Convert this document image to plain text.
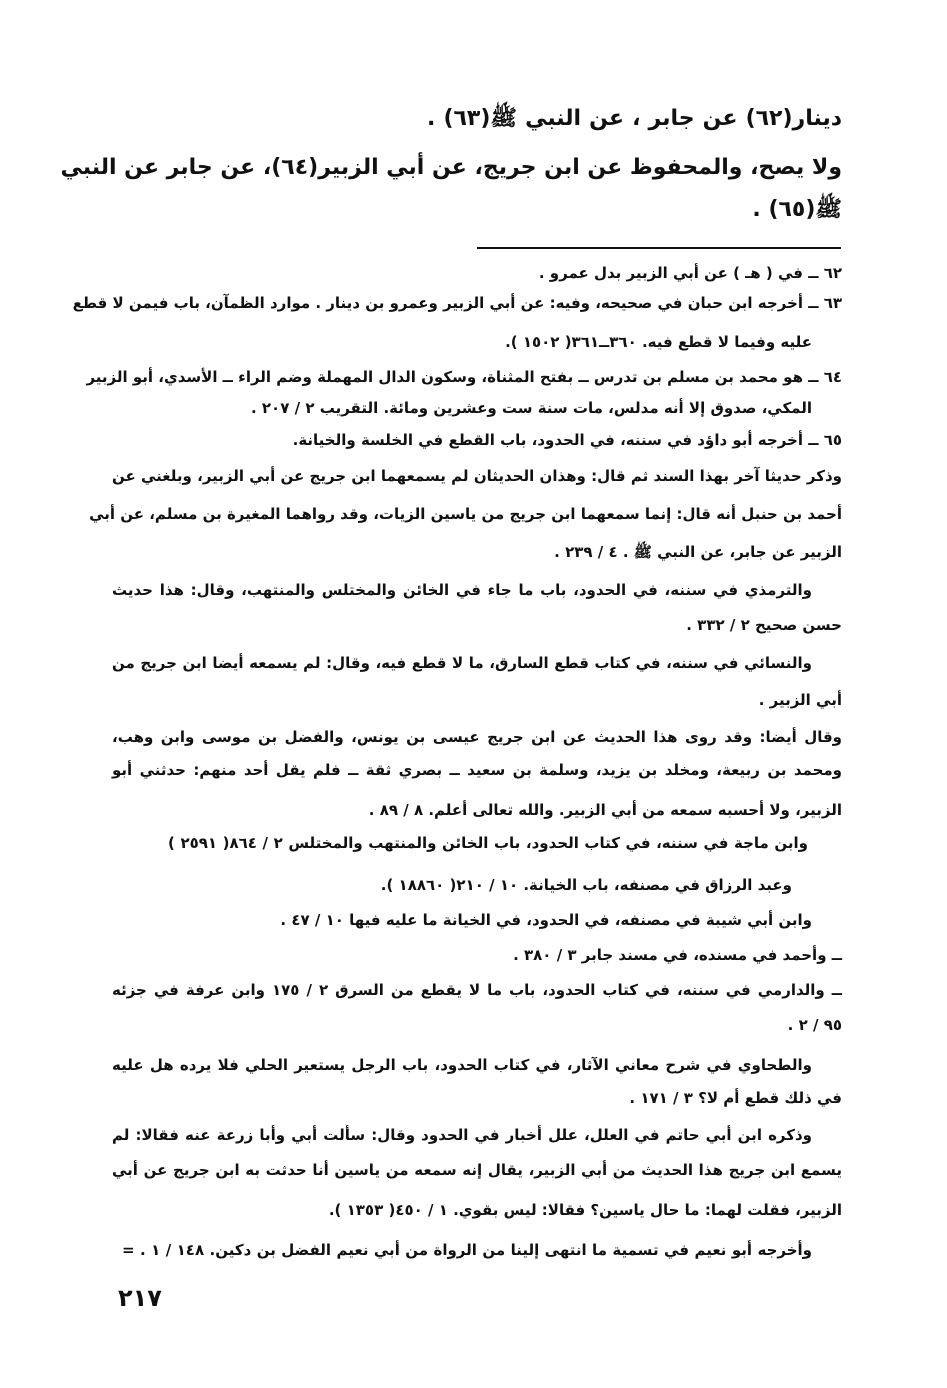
دينار(٦٢) عن جابر ، عن النبي ﷺ(٦٣) .
ولا يصح، والمحفوظ عن ابن جريج، عن أبي الزبير(٦٤)، عن جابر عن النبي
ﷺ(٦٥) .
٦٢ ــ في ( هـ ) عن أبي الزبير بدل عمرو .
٦٣ ــ أخرجه ابن حبان في صحيحه، وفيه: عن أبي الزبير وعمرو بن دينار . موارد الظمآن، باب فيمن لا قطع
عليه وفيما لا قطع فيه. ٣٦٠ــ٣٦١( ١٥٠٢ ).
٦٤ ــ هو محمد بن مسلم بن تدرس ــ بفتح المثناة، وسكون الدال المهملة وضم الراء ــ الأسدي، أبو الزبير
المكي، صدوق إلا أنه مدلس، مات سنة ست وعشرين ومائة. التقريب ٢ / ٢٠٧ .
٦٥ ــ أخرجه أبو داؤد في سننه، في الحدود، باب القطع في الخلسة والخيانة.
وذكر حديثا آخر بهذا السند ثم قال: وهذان الحديثان لم يسمعهما ابن جريج عن أبي الزبير، وبلغني عن
أحمد بن حنبل أنه قال: إنما سمعهما ابن جريج من ياسين الزيات، وقد رواهما المغيرة بن مسلم، عن أبي
الزبير عن جابر، عن النبي ﷺ . ٤ / ٢٣٩ .
والترمذي في سننه، في الحدود، باب ما جاء في الخائن والمختلس والمنتهب، وقال: هذا حديث
حسن صحيح ٢ / ٣٣٢ .
والنسائي في سننه، في كتاب قطع السارق، ما لا قطع فيه، وقال: لم يسمعه أيضا ابن جريج من
أبي الزبير .
وقال أيضا: وقد روى هذا الحديث عن ابن جريج عيسى بن يونس، والفضل بن موسى وابن وهب،
ومحمد بن ربيعة، ومخلد بن يزيد، وسلمة بن سعيد ــ بصري ثقة ــ فلم يقل أحد منهم: حدثني أبو
الزبير، ولا أحسبه سمعه من أبي الزبير. والله تعالى أعلم. ٨ / ٨٩ .
وابن ماجة في سننه، في كتاب الحدود، باب الخائن والمنتهب والمختلس ٢ / ٨٦٤( ٢٥٩١ )
وعبد الرزاق في مصنفه، باب الخيانة. ١٠ / ٢١٠( ١٨٨٦٠ ).
وابن أبي شيبة في مصنفه، في الحدود، في الخيانة ما عليه فيها ١٠ / ٤٧ .
ــ وأحمد في مسنده، في مسند جابر ٣ / ٣٨٠ .
ــ والدارمي في سننه، في كتاب الحدود، باب ما لا يقطع من السرق ٢ / ١٧٥ وابن عرفة في جزئه
٩٥ / ٢ .
والطحاوي في شرح معاني الآثار، في كتاب الحدود، باب الرجل يستعير الحلي فلا يرده هل عليه
في ذلك قطع أم لا؟ ٣ / ١٧١ .
وذكره ابن أبي حاتم في العلل، علل أخبار في الحدود وقال: سألت أبي وأبا زرعة عنه فقالا: لم
يسمع ابن جريج هذا الحديث من أبي الزبير، يقال إنه سمعه من ياسين أنا حدثت به ابن جريج عن أبي
الزبير، فقلت لهما: ما حال ياسين؟ فقالا: ليس بقوي. ١ / ٤٥٠( ١٣٥٣ ).
وأخرجه أبو نعيم في تسمية ما انتهى إلينا من الرواة من أبي نعيم الفضل بن دكين. ١٤٨ / ١ . =
٢١٧
